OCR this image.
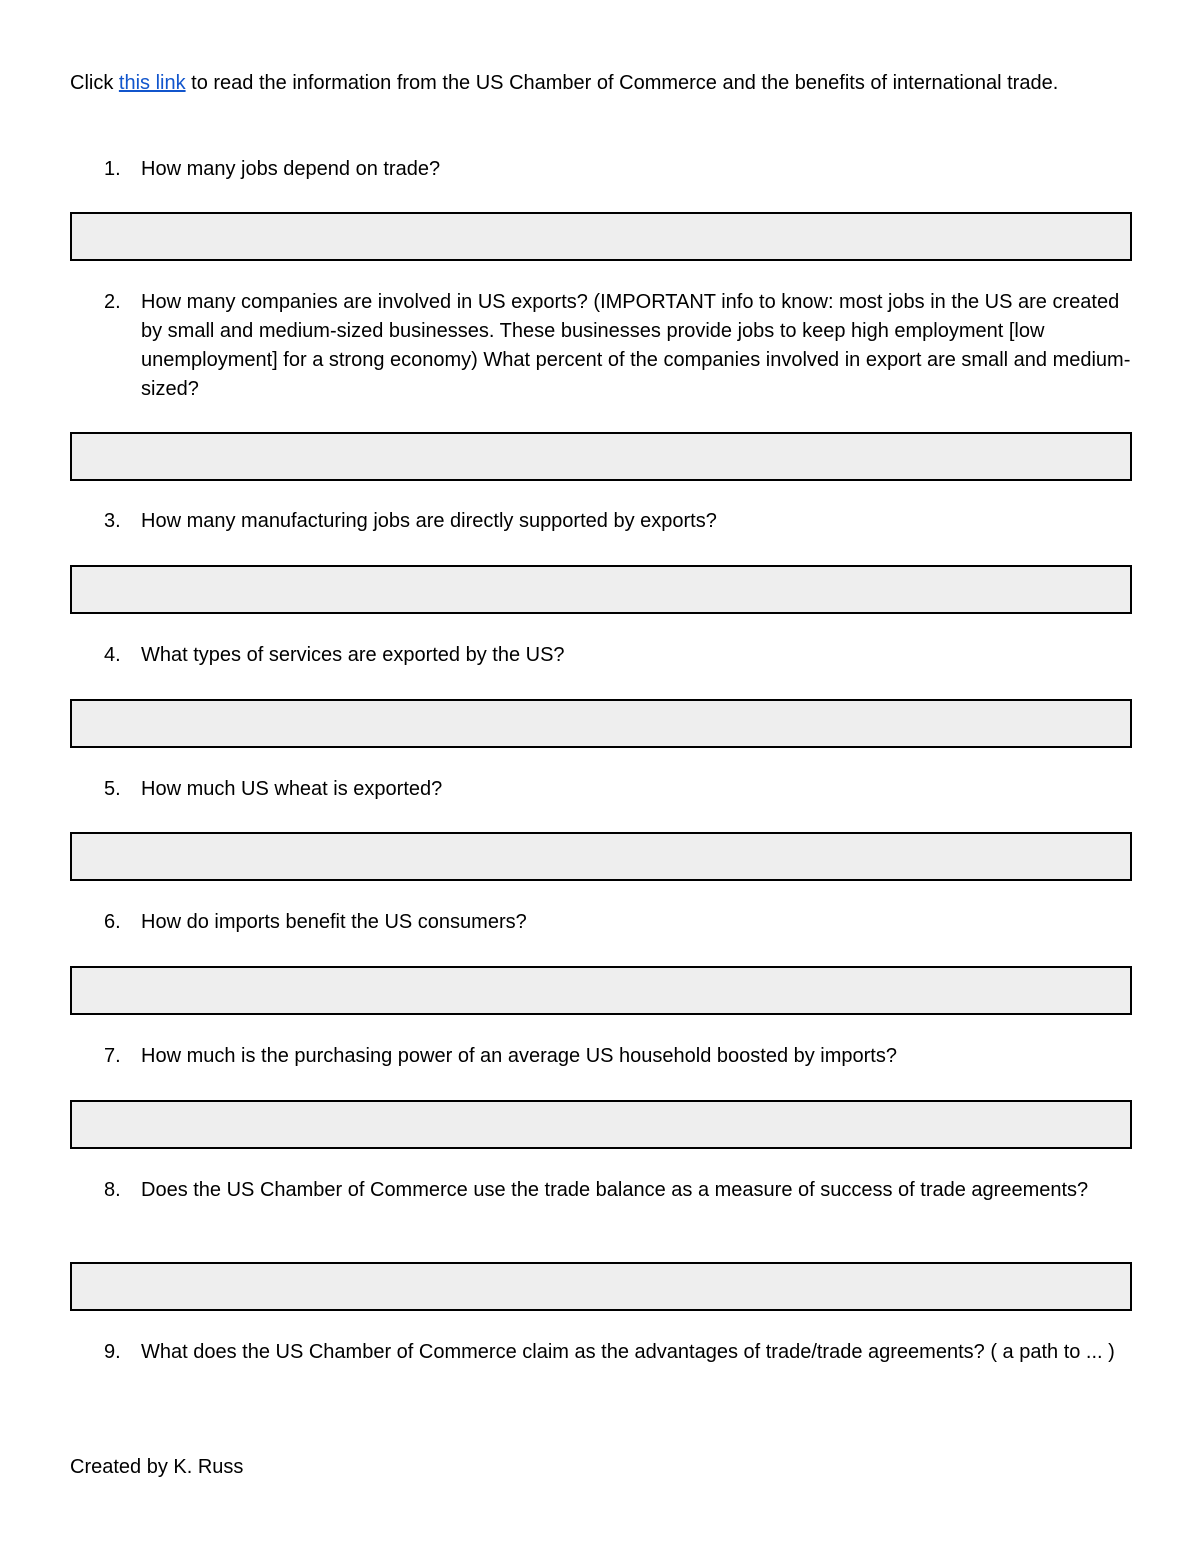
Click this link to read the information from the US Chamber of Commerce and the benefits of international trade.

1.	How many jobs depend on trade?
2.	How many companies are involved in US exports? (IMPORTANT info to know: most jobs in the US are created by small and medium-sized businesses. These businesses provide jobs to keep high employment [low unemployment] for a strong economy) What percent of the companies involved in export are small and medium-sized?
3.	How many manufacturing jobs are directly supported by exports?
4.	What types of services are exported by the US?
5.	How much US wheat is exported?
6.	How do imports benefit the US consumers?
7.	How much is the purchasing power of an average US household boosted by imports?
8.	Does the US Chamber of Commerce use the trade balance as a measure of success of trade agreements?
9.	What does the US Chamber of Commerce claim as the advantages of trade/trade agreements? ( a path to ... )

Created by K. Russ
